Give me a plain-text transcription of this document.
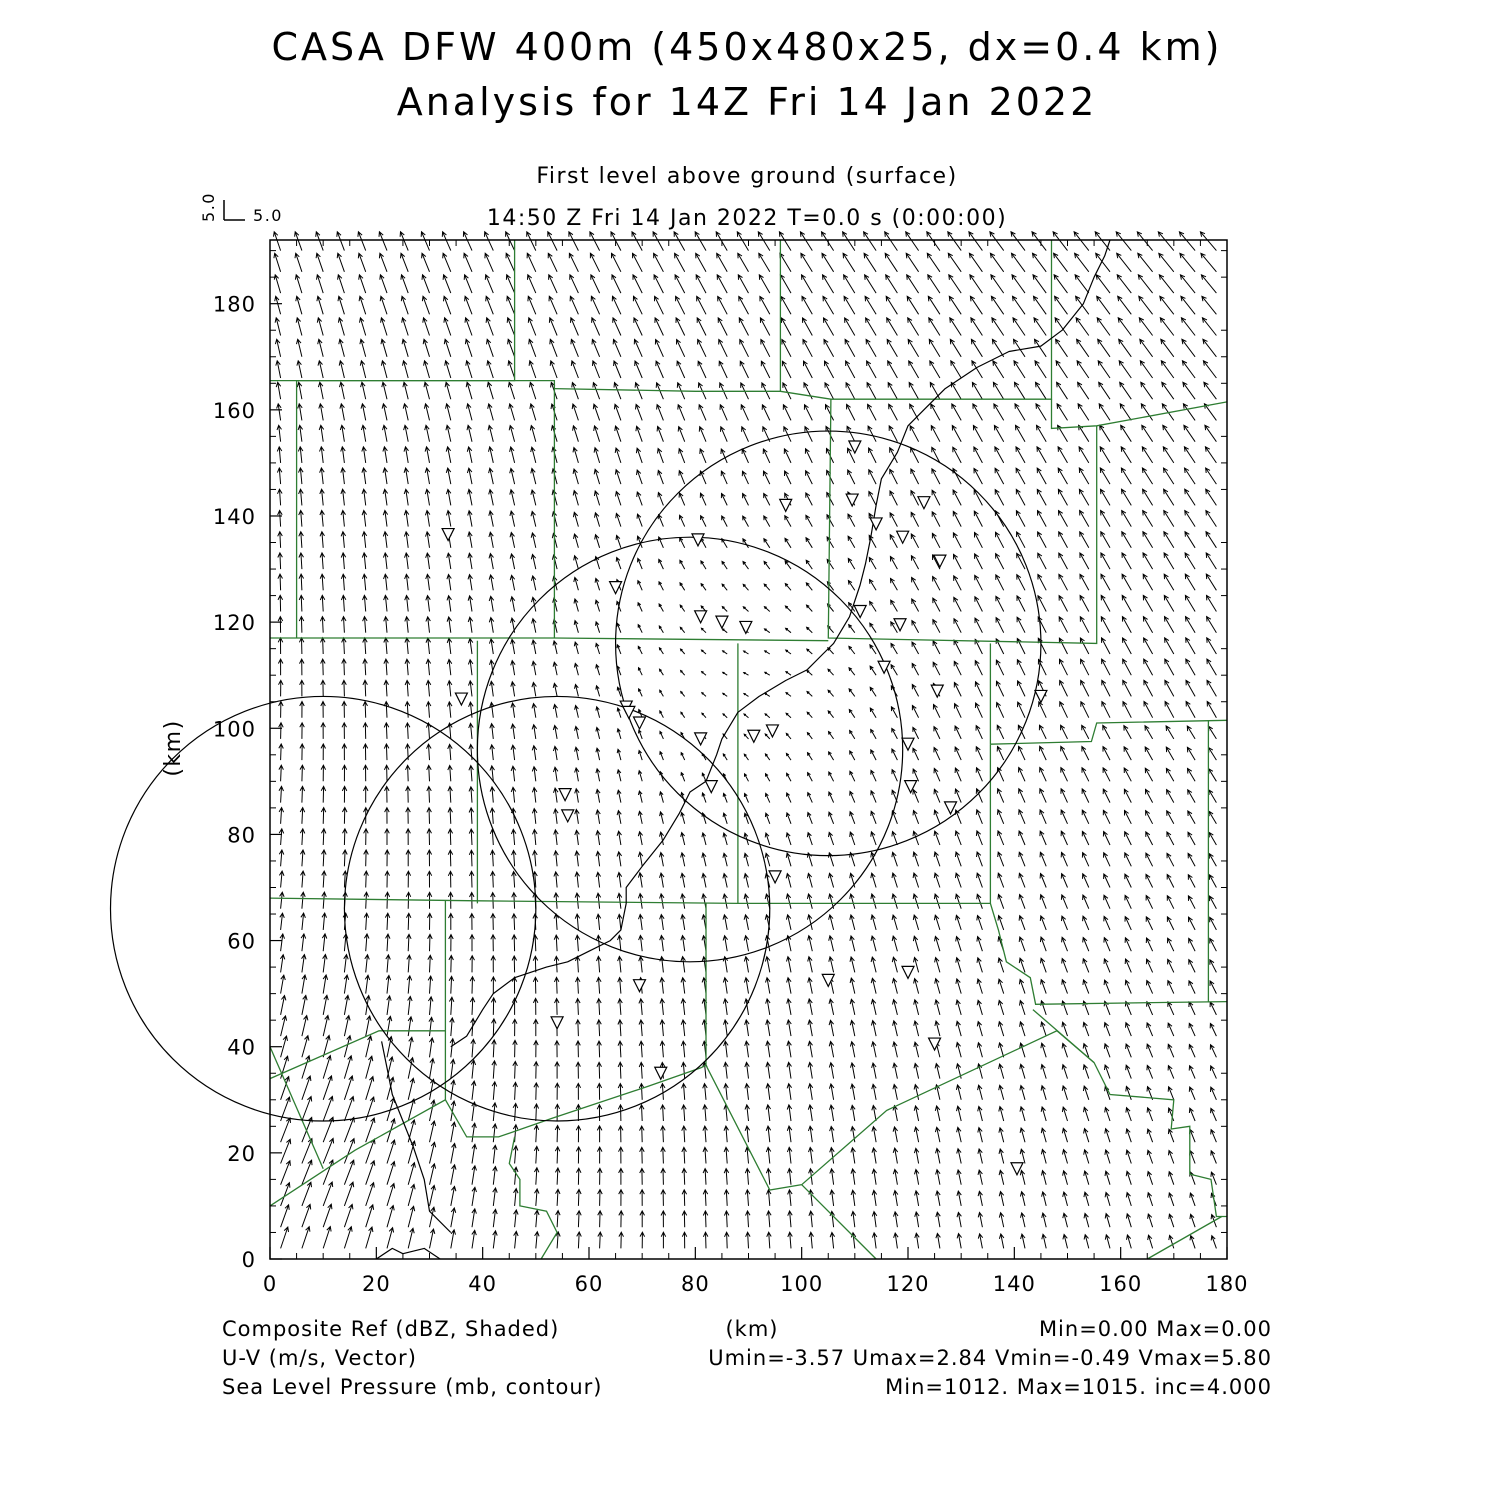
CASA DFW 400m (450x480x25, dx=0.4 km)
Analysis for 14Z Fri 14 Jan 2022
First level above ground (surface)
14:50 Z Fri 14 Jan 2022 T=0.0 s (0:00:00)
5.0
5.0
0	20	40	60	80	100	120	140	160	180
0
20
40
60
80
100
120
140
160
180
(km)
(km)
Composite Ref (dBZ, Shaded)	Min=0.00 Max=0.00
U-V (m/s, Vector)	Umin=-3.57 Umax=2.84 Vmin=-0.49 Vmax=5.80
Sea Level Pressure (mb, contour)	Min=1012. Max=1015. inc=4.000
